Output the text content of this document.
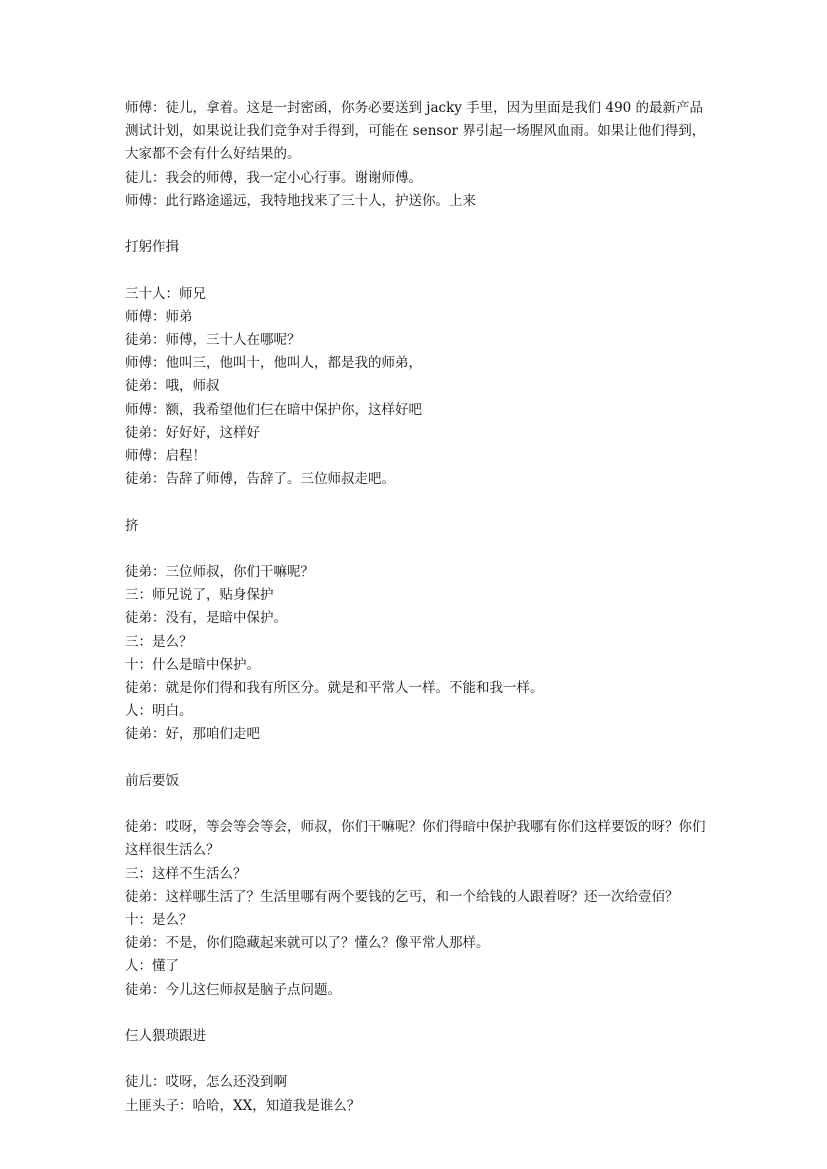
师傅：徒儿，拿着。这是一封密函，你务必要送到 jacky 手里，因为里面是我们 490 的最新产品测试计划，如果说让我们竞争对手得到，可能在 sensor 界引起一场腥风血雨。如果让他们得到，大家都不会有什么好结果的。

徒儿：我会的师傅，我一定小心行事。谢谢师傅。

师傅：此行路途遥远，我特地找来了三十人，护送你。上来

打躬作揖

三十人：师兄

师傅：师弟

徒弟：师傅，三十人在哪呢？

师傅：他叫三，他叫十，他叫人，都是我的师弟，

徒弟：哦，师叔

师傅：额，我希望他们仨在暗中保护你，这样好吧

徒弟：好好好，这样好

师傅：启程！

徒弟：告辞了师傅，告辞了。三位师叔走吧。

挤

徒弟：三位师叔，你们干嘛呢？

三：师兄说了，贴身保护

徒弟：没有，是暗中保护。

三：是么？

十：什么是暗中保护。

徒弟：就是你们得和我有所区分。就是和平常人一样。不能和我一样。

人：明白。

徒弟：好，那咱们走吧

前后要饭

徒弟：哎呀，等会等会等会，师叔，你们干嘛呢？你们得暗中保护我哪有你们这样要饭的呀？你们这样很生活么？

三：这样不生活么？

徒弟：这样哪生活了？生活里哪有两个要钱的乞丐，和一个给钱的人跟着呀？还一次给壹佰？

十：是么？

徒弟：不是，你们隐藏起来就可以了？懂么？像平常人那样。

人：懂了

徒弟：今儿这仨师叔是脑子点问题。

仨人猥琐跟进

徒儿：哎呀，怎么还没到啊

土匪头子：哈哈，XX，知道我是谁么？
